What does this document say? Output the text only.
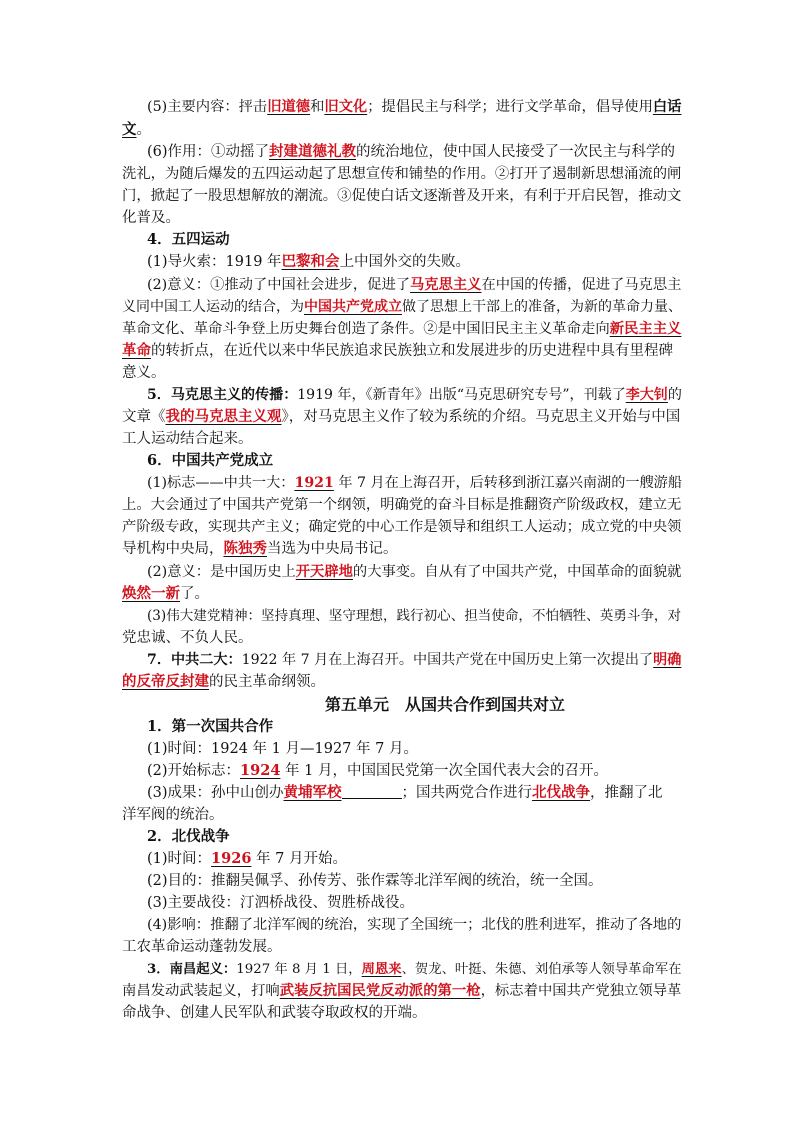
(5)主要内容：抨击旧道德和旧文化；提倡民主与科学；进行文学革命，倡导使用白话
文。
(6)作用：①动摇了封建道德礼教的统治地位，使中国人民接受了一次民主与科学的
洗礼，为随后爆发的五四运动起了思想宣传和铺垫的作用。②打开了遏制新思想涌流的闸
门，掀起了一股思想解放的潮流。③促使白话文逐渐普及开来，有利于开启民智，推动文
化普及。
4．五四运动
(1)导火索：1919 年巴黎和会上中国外交的失败。
(2)意义：①推动了中国社会进步，促进了马克思主义在中国的传播，促进了马克思主
义同中国工人运动的结合，为中国共产党成立做了思想上干部上的准备，为新的革命力量、
革命文化、革命斗争登上历史舞台创造了条件。②是中国旧民主主义革命走向新民主主义
革命的转折点，在近代以来中华民族追求民族独立和发展进步的历史进程中具有里程碑
意义。
5．马克思主义的传播：1919 年，《新青年》出版“马克思研究专号”，刊载了李大钊的
文章《我的马克思主义观》，对马克思主义作了较为系统的介绍。马克思主义开始与中国
工人运动结合起来。
6．中国共产党成立
(1)标志——中共一大：1921 年 7 月在上海召开，后转移到浙江嘉兴南湖的一艘游船
上。大会通过了中国共产党第一个纲领，明确党的奋斗目标是推翻资产阶级政权，建立无
产阶级专政，实现共产主义；确定党的中心工作是领导和组织工人运动；成立党的中央领
导机构中央局，陈独秀当选为中央局书记。
(2)意义：是中国历史上开天辟地的大事变。自从有了中国共产党，中国革命的面貌就
焕然一新了。
(3)伟大建党精神：坚持真理、坚守理想，践行初心、担当使命，不怕牺牲、英勇斗争，对
党忠诚、不负人民。
7．中共二大：1922 年 7 月在上海召开。中国共产党在中国历史上第一次提出了明确
的反帝反封建的民主革命纲领。
第五单元　从国共合作到国共对立
1．第一次国共合作
(1)时间：1924 年 1 月—1927 年 7 月。
(2)开始标志：1924 年 1 月，中国国民党第一次全国代表大会的召开。
(3)成果：孙中山创办黄埔军校	；国共两党合作进行北伐战争，推翻了北
洋军阀的统治。
2．北伐战争
(1)时间：1926 年 7 月开始。
(2)目的：推翻吴佩孚、孙传芳、张作霖等北洋军阀的统治，统一全国。
(3)主要战役：汀泗桥战役、贺胜桥战役。
(4)影响：推翻了北洋军阀的统治，实现了全国统一；北伐的胜利进军，推动了各地的
工农革命运动蓬勃发展。
3．南昌起义：1927 年 8 月 1 日，周恩来、贺龙、叶挺、朱德、刘伯承等人领导革命军在
南昌发动武装起义，打响武装反抗国民党反动派的第一枪，标志着中国共产党独立领导革
命战争、创建人民军队和武装夺取政权的开端。
